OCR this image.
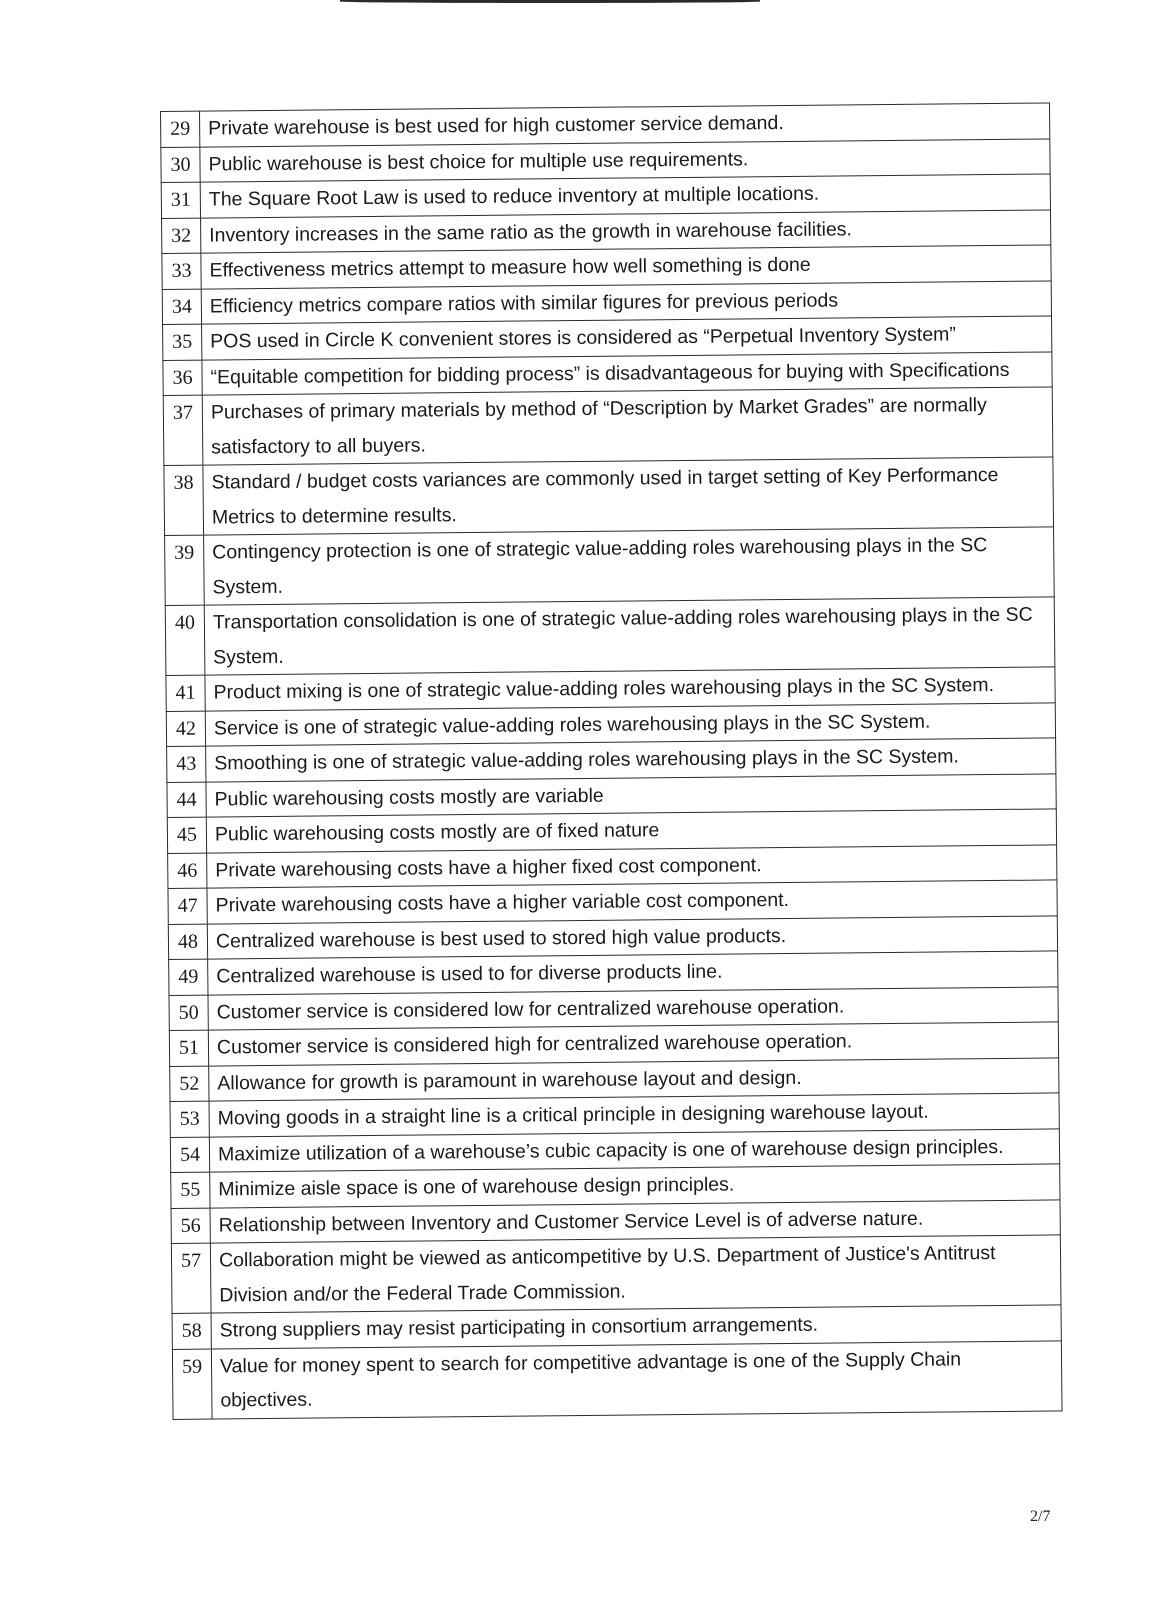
29	Private warehouse is best used for high customer service demand.
30	Public warehouse is best choice for multiple use requirements.
31	The Square Root Law is used to reduce inventory at multiple locations.
32	Inventory increases in the same ratio as the growth in warehouse facilities.
33	Effectiveness metrics attempt to measure how well something is done
34	Efficiency metrics compare ratios with similar figures for previous periods
35	POS used in Circle K convenient stores is considered as “Perpetual Inventory System”
36	“Equitable competition for bidding process” is disadvantageous for buying with Specifications
37	Purchases of primary materials by method of “Description by Market Grades” are normally satisfactory to all buyers.
38	Standard / budget costs variances are commonly used in target setting of Key Performance Metrics to determine results.
39	Contingency protection is one of strategic value-adding roles warehousing plays in the SC System.
40	Transportation consolidation is one of strategic value-adding roles warehousing plays in the SC System.
41	Product mixing is one of strategic value-adding roles warehousing plays in the SC System.
42	Service is one of strategic value-adding roles warehousing plays in the SC System.
43	Smoothing is one of strategic value-adding roles warehousing plays in the SC System.
44	Public warehousing costs mostly are variable
45	Public warehousing costs mostly are of fixed nature
46	Private warehousing costs have a higher fixed cost component.
47	Private warehousing costs have a higher variable cost component.
48	Centralized warehouse is best used to stored high value products.
49	Centralized warehouse is used to for diverse products line.
50	Customer service is considered low for centralized warehouse operation.
51	Customer service is considered high for centralized warehouse operation.
52	Allowance for growth is paramount in warehouse layout and design.
53	Moving goods in a straight line is a critical principle in designing warehouse layout.
54	Maximize utilization of a warehouse’s cubic capacity is one of warehouse design principles.
55	Minimize aisle space is one of warehouse design principles.
56	Relationship between Inventory and Customer Service Level is of adverse nature.
57	Collaboration might be viewed as anticompetitive by U.S. Department of Justice's Antitrust Division and/or the Federal Trade Commission.
58	Strong suppliers may resist participating in consortium arrangements.
59	Value for money spent to search for competitive advantage is one of the Supply Chain objectives.
2/7
